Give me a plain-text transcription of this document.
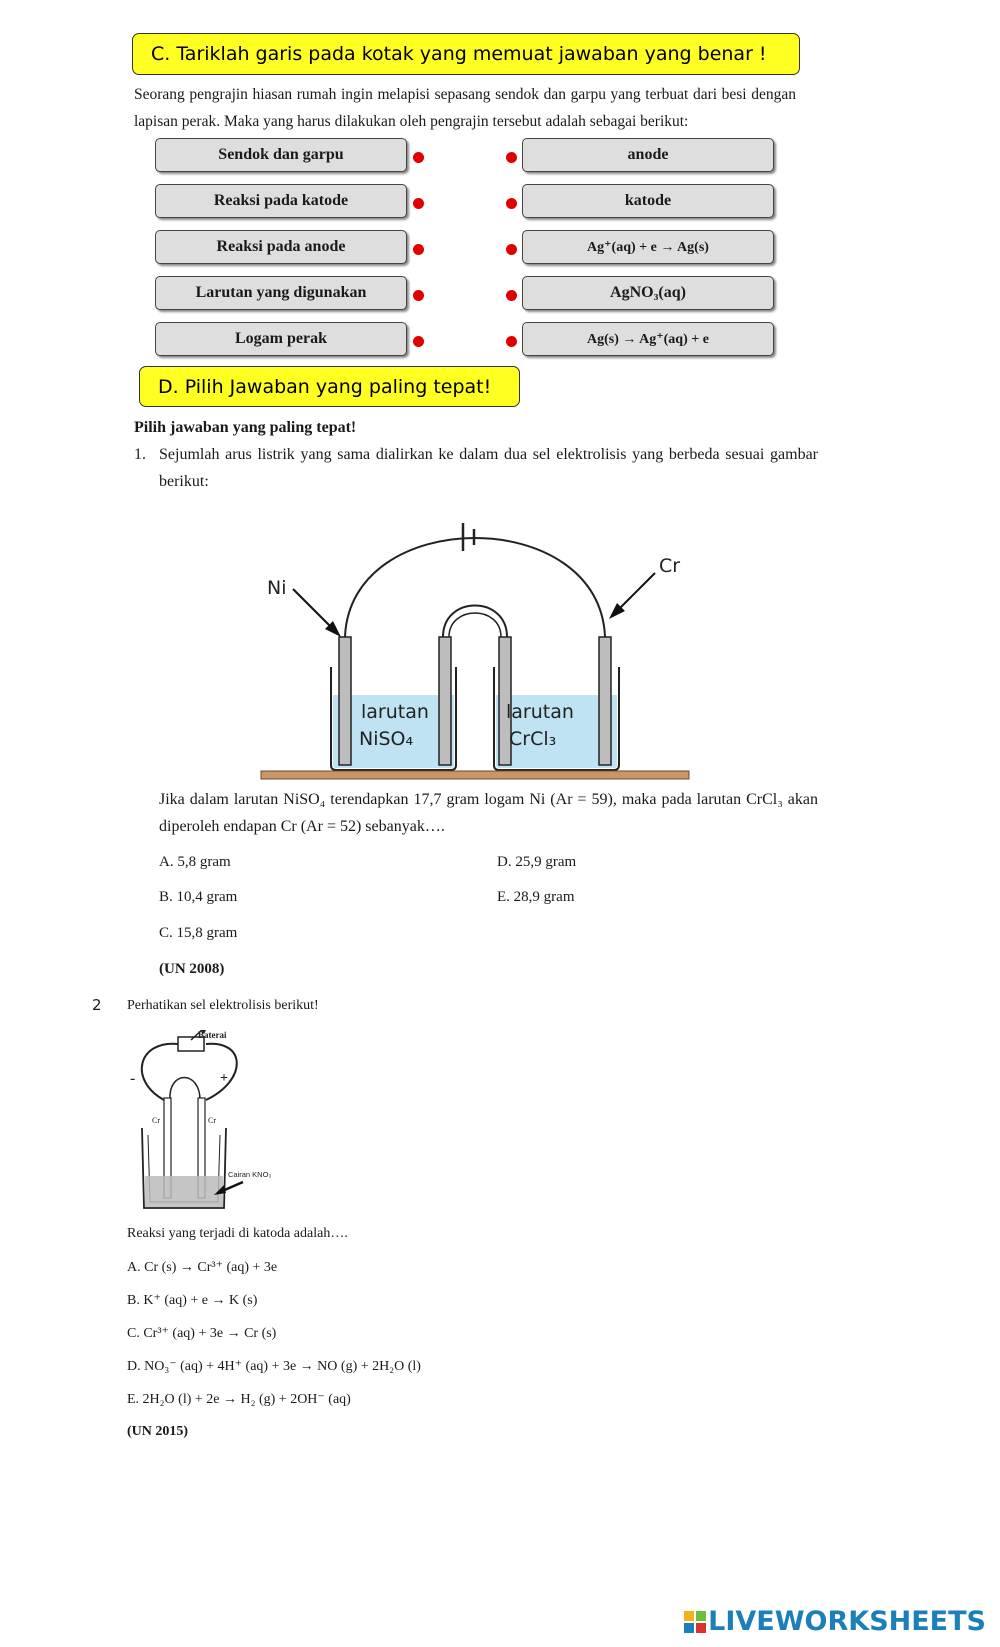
C. Tariklah garis pada kotak yang memuat jawaban yang benar !
Seorang pengrajin hiasan rumah ingin melapisi sepasang sendok dan garpu yang terbuat dari besi dengan lapisan perak. Maka yang harus dilakukan oleh pengrajin tersebut adalah sebagai berikut:
Sendok dan garpu
Reaksi pada katode
Reaksi pada anode
Larutan yang digunakan
Logam perak
anode
katode
Ag⁺(aq) + e → Ag(s)
AgNO₃(aq)
Ag(s) → Ag⁺(aq) + e
D. Pilih Jawaban yang paling tepat!
Pilih jawaban yang paling tepat!
1. Sejumlah arus listrik yang sama dialirkan ke dalam dua sel elektrolisis yang berbeda sesuai gambar berikut:
Ni
Cr
larutan
NiSO₄
larutan
CrCl₃
Jika dalam larutan NiSO₄ terendapkan 17,7 gram logam Ni (Ar = 59), maka pada larutan CrCl₃ akan diperoleh endapan Cr (Ar = 52) sebanyak….
A. 5,8 gram
B. 10,4 gram
C. 15,8 gram
D. 25,9 gram
E. 28,9 gram
(UN 2008)
2 Perhatikan sel elektrolisis berikut!
Baterai
-	+
Cr	Cr
Cairan KNO₃
Reaksi yang terjadi di katoda adalah….
A. Cr (s) → Cr³⁺ (aq) + 3e
B. K⁺ (aq) + e → K (s)
C. Cr³⁺ (aq) + 3e → Cr (s)
D. NO₃⁻ (aq) + 4H⁺ (aq) + 3e → NO (g) + 2H₂O (l)
E. 2H₂O (l) + 2e → H₂ (g) + 2OH⁻ (aq)
(UN 2015)
LIVEWORKSHEETS
